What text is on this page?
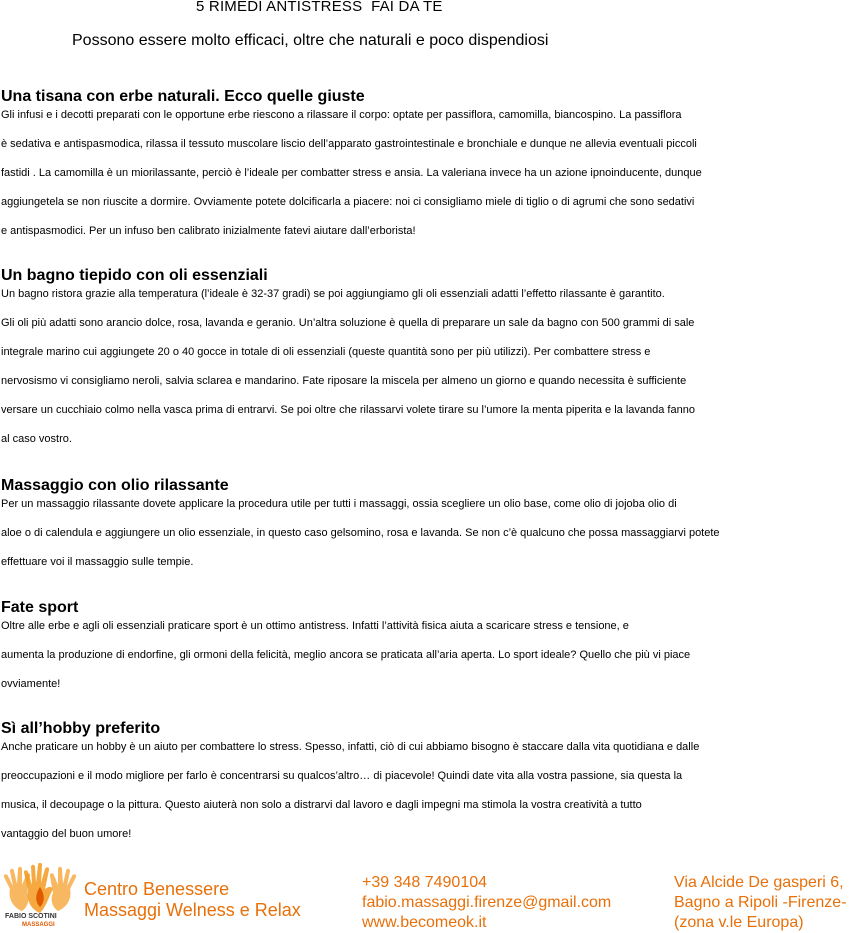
5 RIMEDI ANTISTRESS  FAI DA TE
Possono essere molto efficaci, oltre che naturali e poco dispendiosi
Una tisana con erbe naturali. Ecco quelle giuste
Gli infusi e i decotti preparati con le opportune erbe riescono a rilassare il corpo: optate per passiflora, camomilla, biancospino. La passiflora
è sedativa e antispasmodica, rilassa il tessuto muscolare liscio dell’apparato gastrointestinale e bronchiale e dunque ne allevia eventuali piccoli
fastidi . La camomilla è un miorilassante, perciò è l’ideale per combatter stress e ansia. La valeriana invece ha un azione ipnoinducente, dunque
aggiungetela se non riuscite a dormire. Ovviamente potete dolcificarla a piacere: noi ci consigliamo miele di tiglio o di agrumi che sono sedativi
e antispasmodici. Per un infuso ben calibrato inizialmente fatevi aiutare dall’erborista!
Un bagno tiepido con oli essenziali
Un bagno ristora grazie alla temperatura (l’ideale è 32-37 gradi) se poi aggiungiamo gli oli essenziali adatti l’effetto rilassante è garantito.
Gli oli più adatti sono arancio dolce, rosa, lavanda e geranio. Un’altra soluzione è quella di preparare un sale da bagno con 500 grammi di sale
integrale marino cui aggiungete 20 o 40 gocce in totale di oli essenziali (queste quantità sono per più utilizzi). Per combattere stress e
nervosismo vi consigliamo neroli, salvia sclarea e mandarino. Fate riposare la miscela per almeno un giorno e quando necessita è sufficiente
versare un cucchiaio colmo nella vasca prima di entrarvi. Se poi oltre che rilassarvi volete tirare su l’umore la menta piperita e la lavanda fanno
al caso vostro.
Massaggio con olio rilassante
Per un massaggio rilassante dovete applicare la procedura utile per tutti i massaggi, ossia scegliere un olio base, come olio di jojoba olio di
aloe o di calendula e aggiungere un olio essenziale, in questo caso gelsomino, rosa e lavanda. Se non c’è qualcuno che possa massaggiarvi potete
effettuare voi il massaggio sulle tempie.
Fate sport
Oltre alle erbe e agli oli essenziali praticare sport è un ottimo antistress. Infatti l’attività fisica aiuta a scaricare stress e tensione, e
aumenta la produzione di endorfine, gli ormoni della felicità, meglio ancora se praticata all’aria aperta. Lo sport ideale? Quello che più vi piace
ovviamente!
Sì all’hobby preferito
Anche praticare un hobby è un aiuto per combattere lo stress. Spesso, infatti, ciò di cui abbiamo bisogno è staccare dalla vita quotidiana e dalle
preoccupazioni e il modo migliore per farlo è concentrarsi su qualcos’altro… di piacevole! Quindi date vita alla vostra passione, sia questa la
musica, il decoupage o la pittura. Questo aiuterà non solo a distrarvi dal lavoro e dagli impegni ma stimola la vostra creatività a tutto
vantaggio del buon umore!
FABIO SCOTINI
MASSAGGI
Centro Benessere
Massaggi Welness e Relax
+39 348 7490104
fabio.massaggi.firenze@gmail.com
www.becomeok.it
Via Alcide De gasperi 6,
Bagno a Ripoli -Firenze-
(zona v.le Europa)
